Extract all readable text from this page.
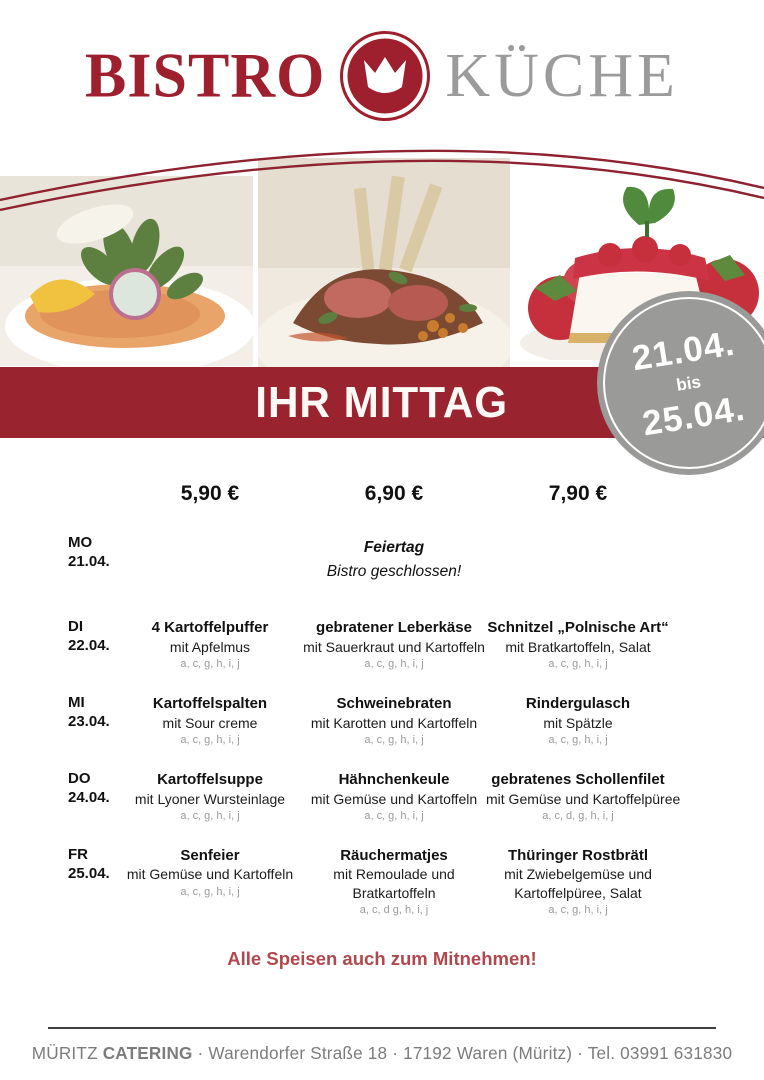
BISTRO KÜCHE
IHR MITTAG
21.04.
bis
25.04.
5,90 €	6,90 €	7,90 €
MO
21.04.
Feiertag
Bistro geschlossen!
DI
22.04.
4 Kartoffelpuffer
mit Apfelmus
a, c, g, h, i, j
gebratener Leberkäse
mit Sauerkraut und Kartoffeln
a, c, g, h, i, j
Schnitzel „Polnische Art“
mit Bratkartoffeln, Salat
a, c, g, h, i, j
MI
23.04.
Kartoffelspalten
mit Sour creme
a, c, g, h, i, j
Schweinebraten
mit Karotten und Kartoffeln
a, c, g, h, i, j
Rindergulasch
mit Spätzle
a, c, g, h, i, j
DO
24.04.
Kartoffelsuppe
mit Lyoner Wursteinlage
a, c, g, h, i, j
Hähnchenkeule
mit Gemüse und Kartoffeln
a, c, g, h, i, j
gebratenes Schollenfilet
mit Gemüse und Kartoffelpüree
a, c, d, g, h, i, j
FR
25.04.
Senfeier
mit Gemüse und Kartoffeln
a, c, g, h, i, j
Räuchermatjes
mit Remoulade und
Bratkartoffeln
a, c, d g, h, i, j
Thüringer Rostbrätl
mit Zwiebelgemüse und
Kartoffelpüree, Salat
a, c, g, h, i, j
Alle Speisen auch zum Mitnehmen!
MÜRITZ CATERING · Warendorfer Straße 18 · 17192 Waren (Müritz) · Tel. 03991 631830
